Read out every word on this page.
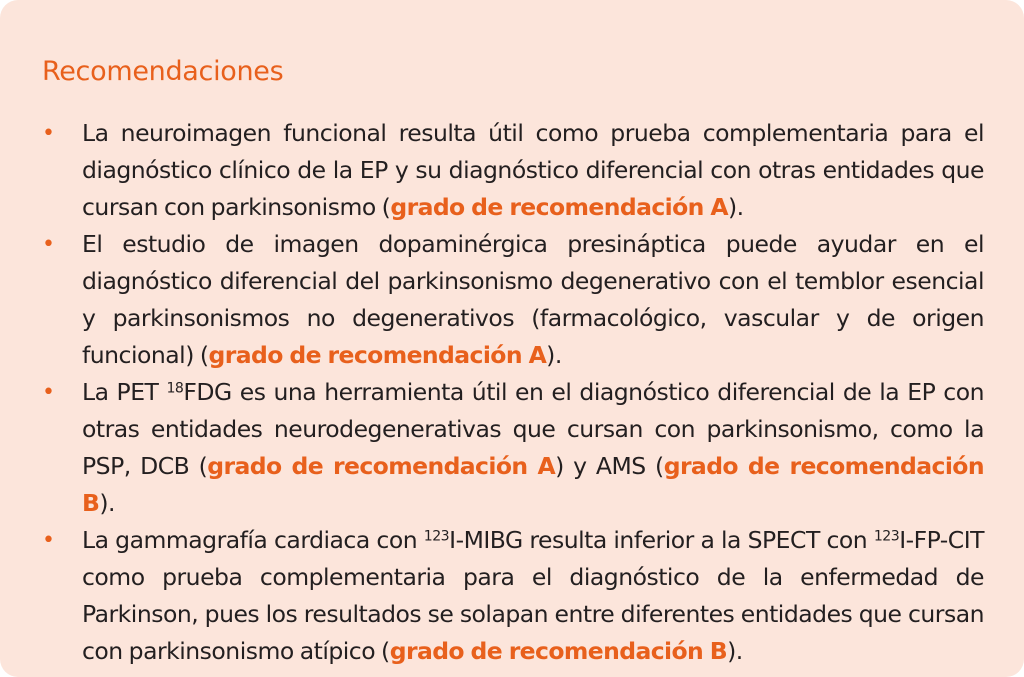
Recomendaciones
• La neuroimagen funcional resulta útil como prueba complementaria para el diagnóstico clínico de la EP y su diagnóstico diferencial con otras entidades que cursan con parkinsonismo (grado de recomendación A).
• El estudio de imagen dopaminérgica presináptica puede ayudar en el diagnóstico diferencial del parkinsonismo degenerativo con el temblor esencial y parkinsonismos no degenerativos (farmacológico, vascular y de origen funcional) (grado de recomendación A).
• La PET $^{18}$FDG es una herramienta útil en el diagnóstico diferencial de la EP con otras entidades neurodegenerativas que cursan con parkinsonismo, como la PSP, DCB (grado de recomendación A) y AMS (grado de recomendación B).
• La gammagrafía cardiaca con $^{123}$I-MIBG resulta inferior a la SPECT con $^{123}$I-FP-CIT como prueba complementaria para el diagnóstico de la enfermedad de Parkinson, pues los resultados se solapan entre diferentes entidades que cursan con parkinsonismo atípico (grado de recomendación B).
